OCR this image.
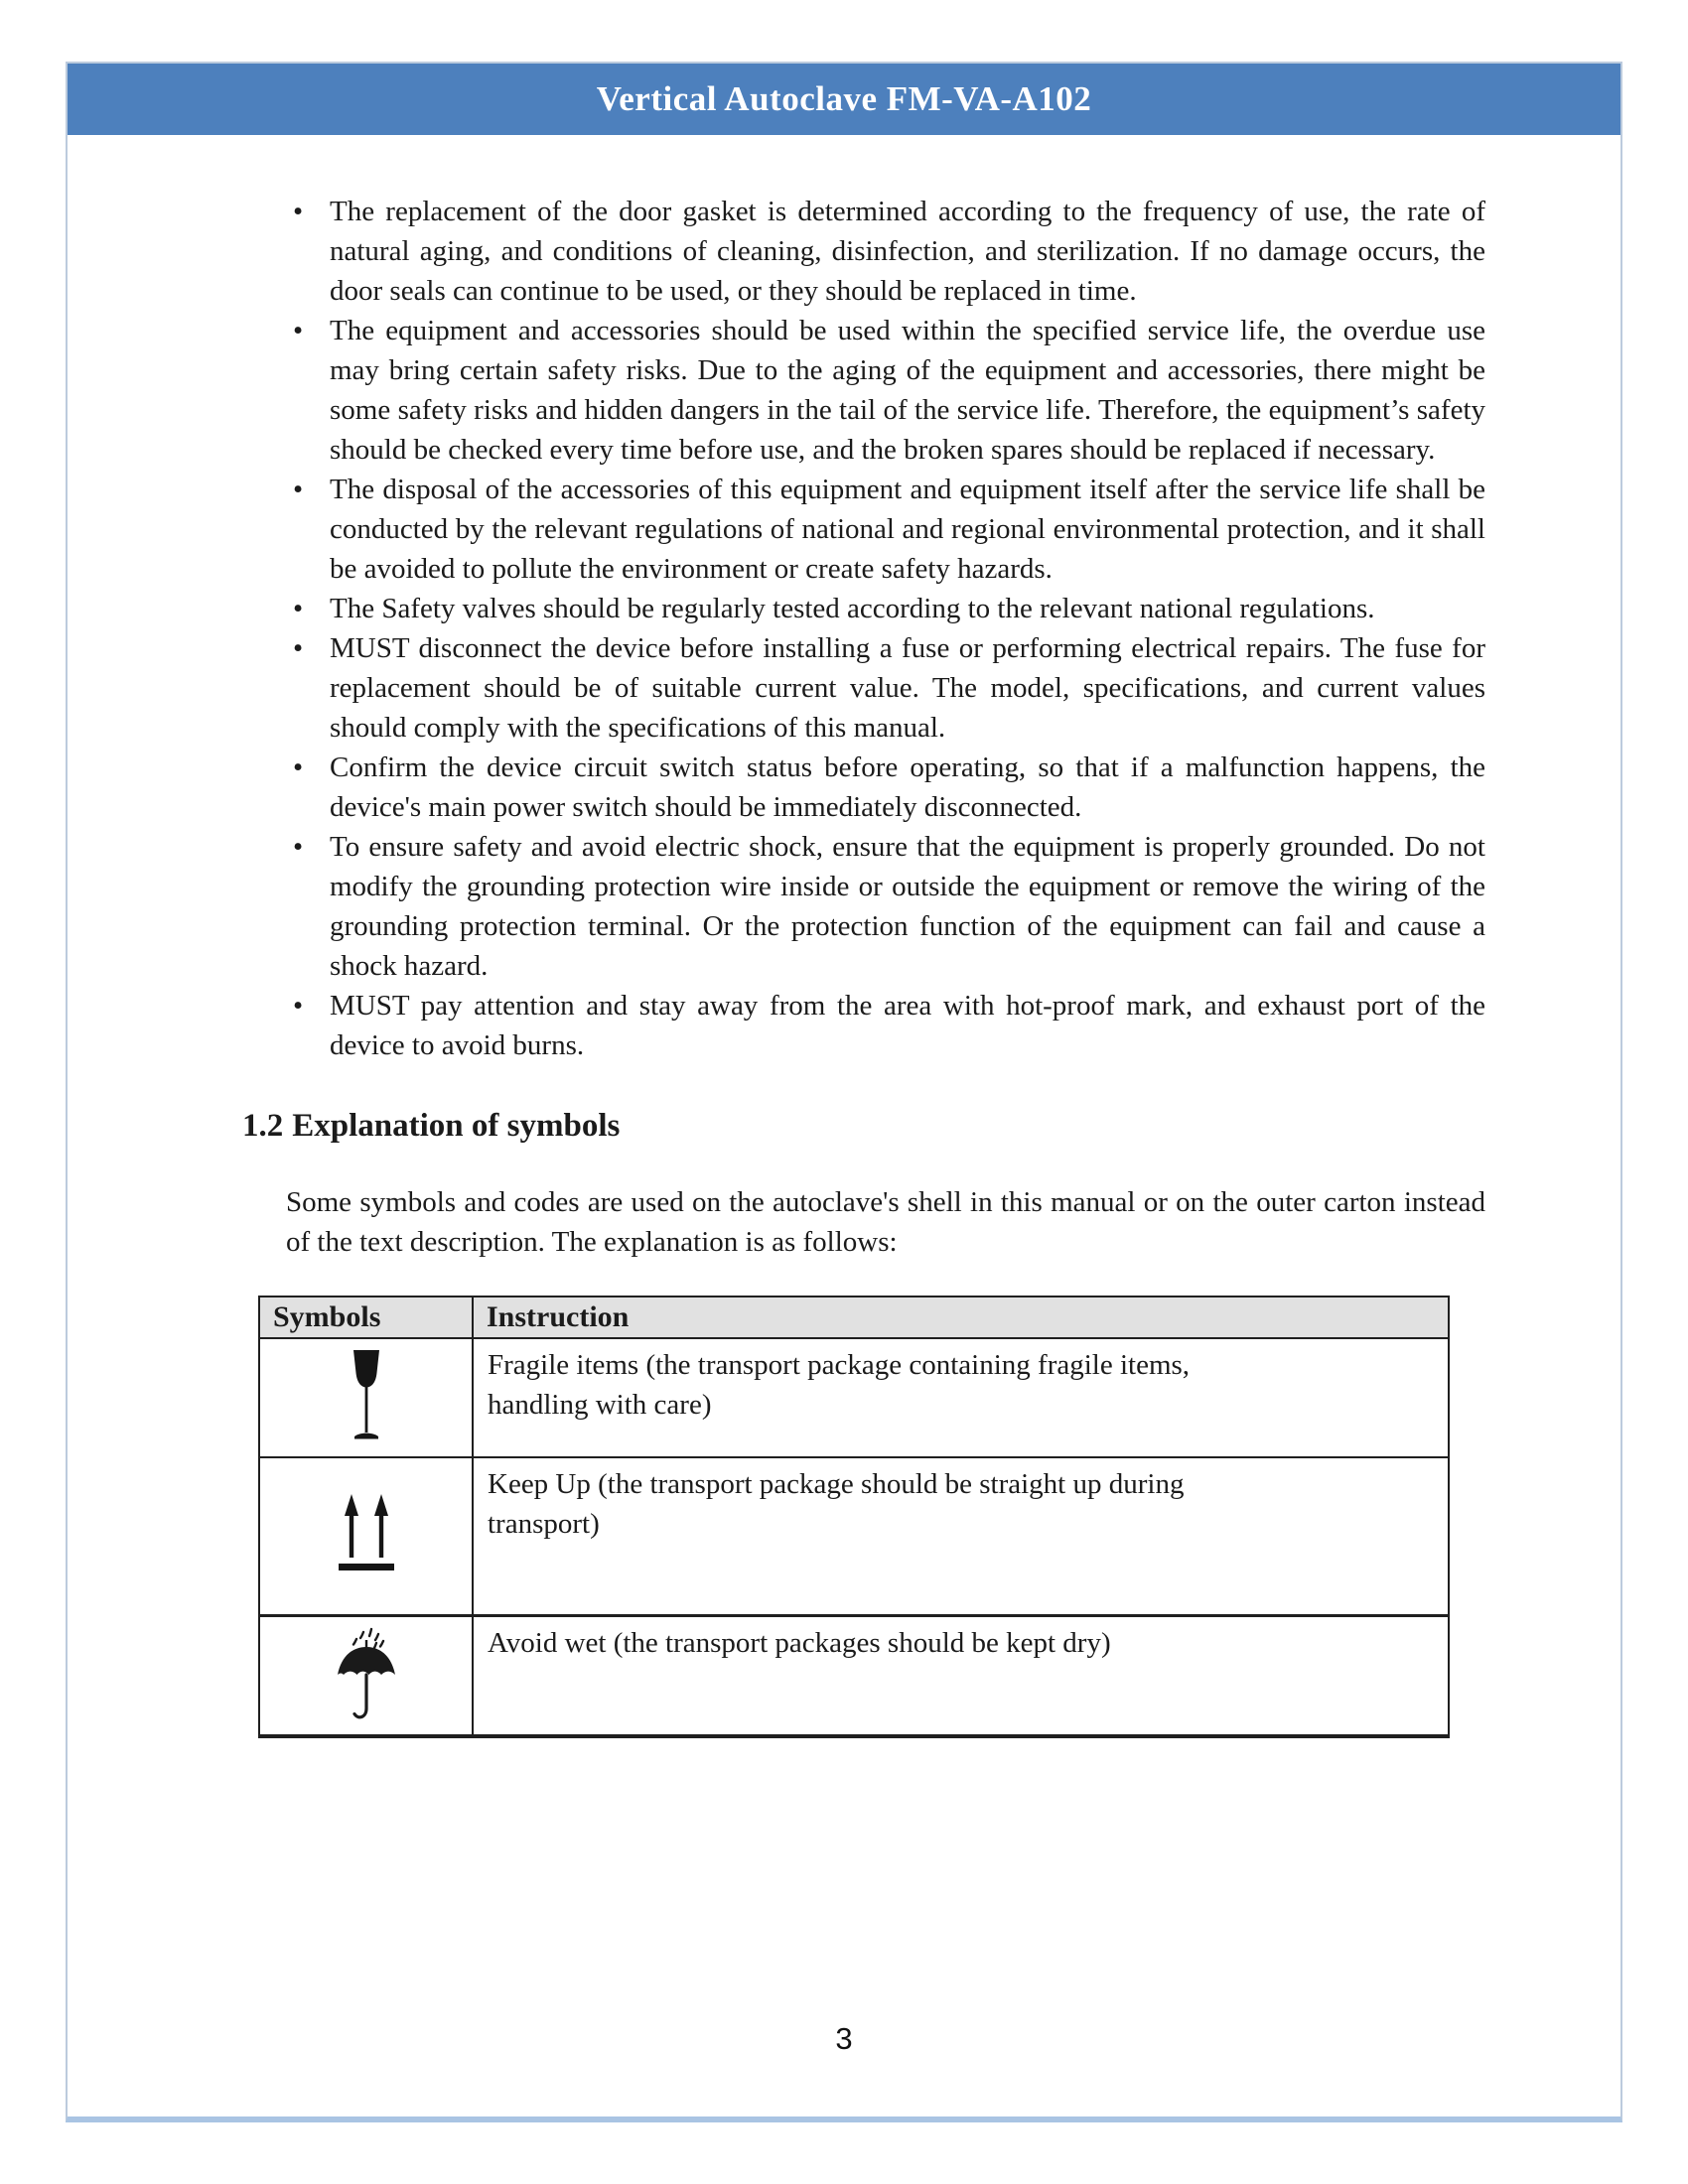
Vertical Autoclave FM-VA-A102
• The replacement of the door gasket is determined according to the frequency of use, the rate of natural aging, and conditions of cleaning, disinfection, and sterilization. If no damage occurs, the door seals can continue to be used, or they should be replaced in time.
• The equipment and accessories should be used within the specified service life, the overdue use may bring certain safety risks. Due to the aging of the equipment and accessories, there might be some safety risks and hidden dangers in the tail of the service life. Therefore, the equipment’s safety should be checked every time before use, and the broken spares should be replaced if necessary.
• The disposal of the accessories of this equipment and equipment itself after the service life shall be conducted by the relevant regulations of national and regional environmental protection, and it shall be avoided to pollute the environment or create safety hazards.
• The Safety valves should be regularly tested according to the relevant national regulations.
• MUST disconnect the device before installing a fuse or performing electrical repairs. The fuse for replacement should be of suitable current value. The model, specifications, and current values should comply with the specifications of this manual.
• Confirm the device circuit switch status before operating, so that if a malfunction happens, the device's main power switch should be immediately disconnected.
• To ensure safety and avoid electric shock, ensure that the equipment is properly grounded. Do not modify the grounding protection wire inside or outside the equipment or remove the wiring of the grounding protection terminal. Or the protection function of the equipment can fail and cause a shock hazard.
• MUST pay attention and stay away from the area with hot-proof mark, and exhaust port of the device to avoid burns.
1.2 Explanation of symbols

Some symbols and codes are used on the autoclave's shell in this manual or on the outer carton instead of the text description. The explanation is as follows:

Symbols	Instruction

	Fragile items (the transport package containing fragile items, handling with care)

	Keep Up (the transport package should be straight up during transport)

	Avoid wet (the transport packages should be kept dry)
3
